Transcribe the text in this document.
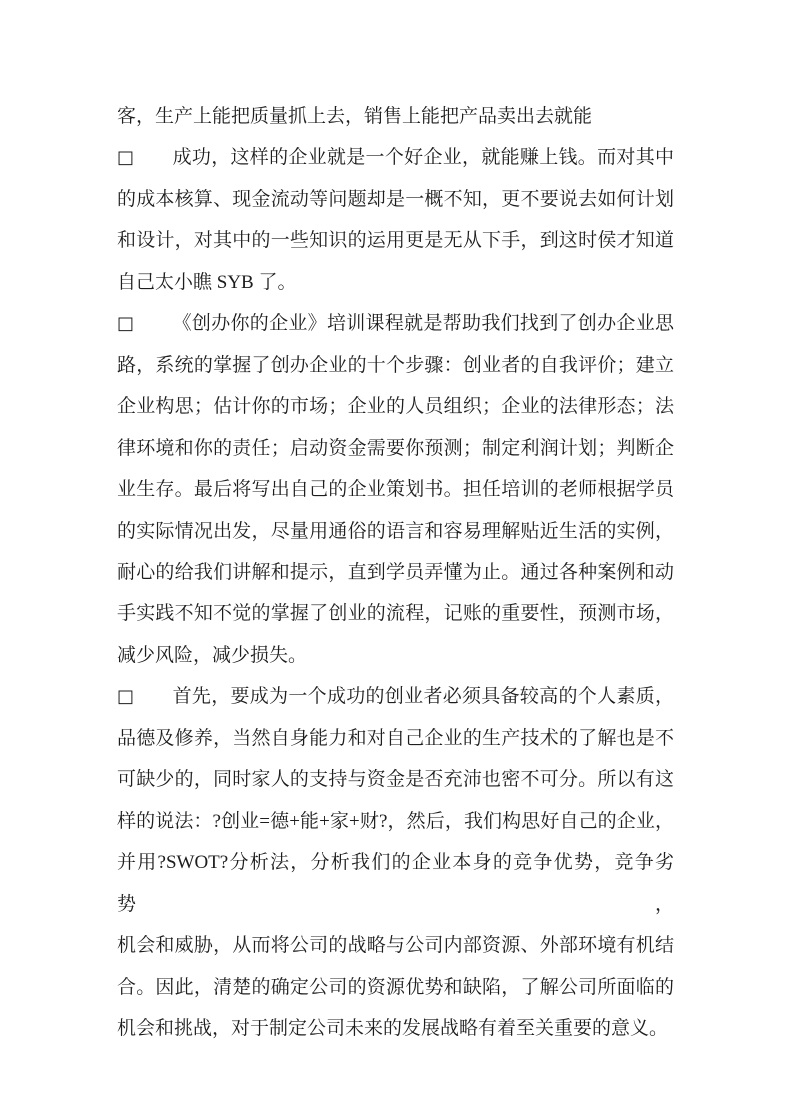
客，生产上能把质量抓上去，销售上能把产品卖出去就能
□ 成功，这样的企业就是一个好企业，就能赚上钱。而对其中
的成本核算、现金流动等问题却是一概不知，更不要说去如何计划
和设计，对其中的一些知识的运用更是无从下手，到这时侯才知道
自己太小瞧 SYB 了。
□ 《创办你的企业》培训课程就是帮助我们找到了创办企业思
路，系统的掌握了创办企业的十个步骤：创业者的自我评价；建立
企业构思；估计你的市场；企业的人员组织；企业的法律形态；法
律环境和你的责任；启动资金需要你预测；制定利润计划；判断企
业生存。最后将写出自己的企业策划书。担任培训的老师根据学员
的实际情况出发，尽量用通俗的语言和容易理解贴近生活的实例，
耐心的给我们讲解和提示，直到学员弄懂为止。通过各种案例和动
手实践不知不觉的掌握了创业的流程，记账的重要性，预测市场，
减少风险，减少损失。
□ 首先，要成为一个成功的创业者必须具备较高的个人素质，
品德及修养，当然自身能力和对自己企业的生产技术的了解也是不
可缺少的，同时家人的支持与资金是否充沛也密不可分。所以有这
样的说法：?创业=德+能+家+财?，然后，我们构思好自己的企业，
并用?SWOT?分析法，分析我们的企业本身的竞争优势，竞争劣势，
机会和威胁，从而将公司的战略与公司内部资源、外部环境有机结
合。因此，清楚的确定公司的资源优势和缺陷，了解公司所面临的
机会和挑战，对于制定公司未来的发展战略有着至关重要的意义。
